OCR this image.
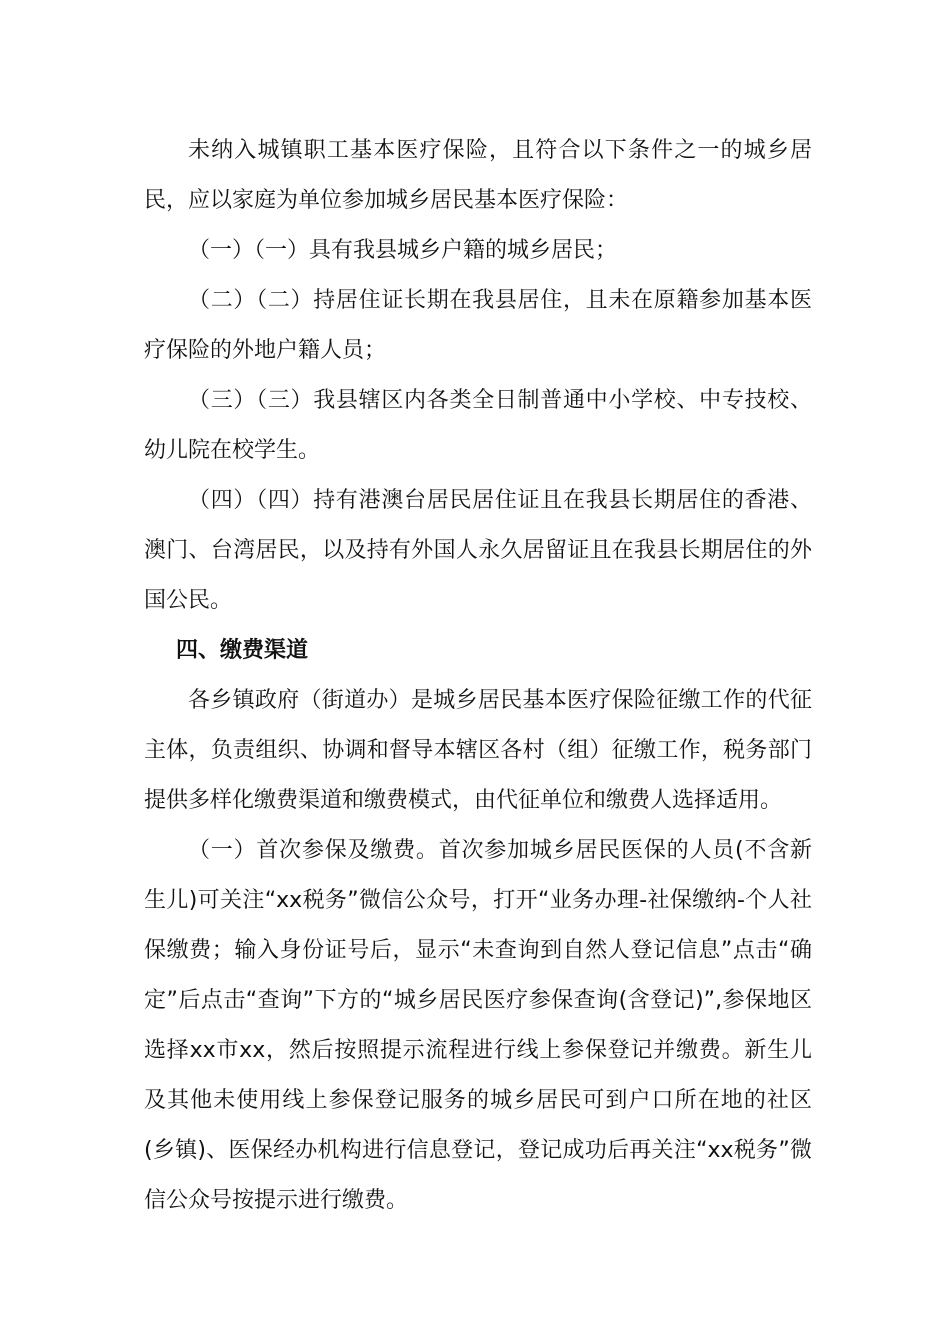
未纳入城镇职工基本医疗保险，且符合以下条件之一的城乡居民，应以家庭为单位参加城乡居民基本医疗保险：

（一）（一）具有我县城乡户籍的城乡居民；

（二）（二）持居住证长期在我县居住，且未在原籍参加基本医疗保险的外地户籍人员；

（三）（三）我县辖区内各类全日制普通中小学校、中专技校、幼儿院在校学生。

（四）（四）持有港澳台居民居住证且在我县长期居住的香港、澳门、台湾居民，以及持有外国人永久居留证且在我县长期居住的外国公民。

四、缴费渠道

各乡镇政府（街道办）是城乡居民基本医疗保险征缴工作的代征主体，负责组织、协调和督导本辖区各村（组）征缴工作，税务部门提供多样化缴费渠道和缴费模式，由代征单位和缴费人选择适用。

（一）首次参保及缴费。首次参加城乡居民医保的人员(不含新生儿)可关注“xx税务”微信公众号，打开“业务办理-社保缴纳-个人社保缴费；输入身份证号后，显示“未查询到自然人登记信息”点击“确定”后点击“查询”下方的“城乡居民医疗参保查询(含登记)”,参保地区选择xx市xx，然后按照提示流程进行线上参保登记并缴费。新生儿及其他未使用线上参保登记服务的城乡居民可到户口所在地的社区(乡镇)、医保经办机构进行信息登记，登记成功后再关注“xx税务”微信公众号按提示进行缴费。
